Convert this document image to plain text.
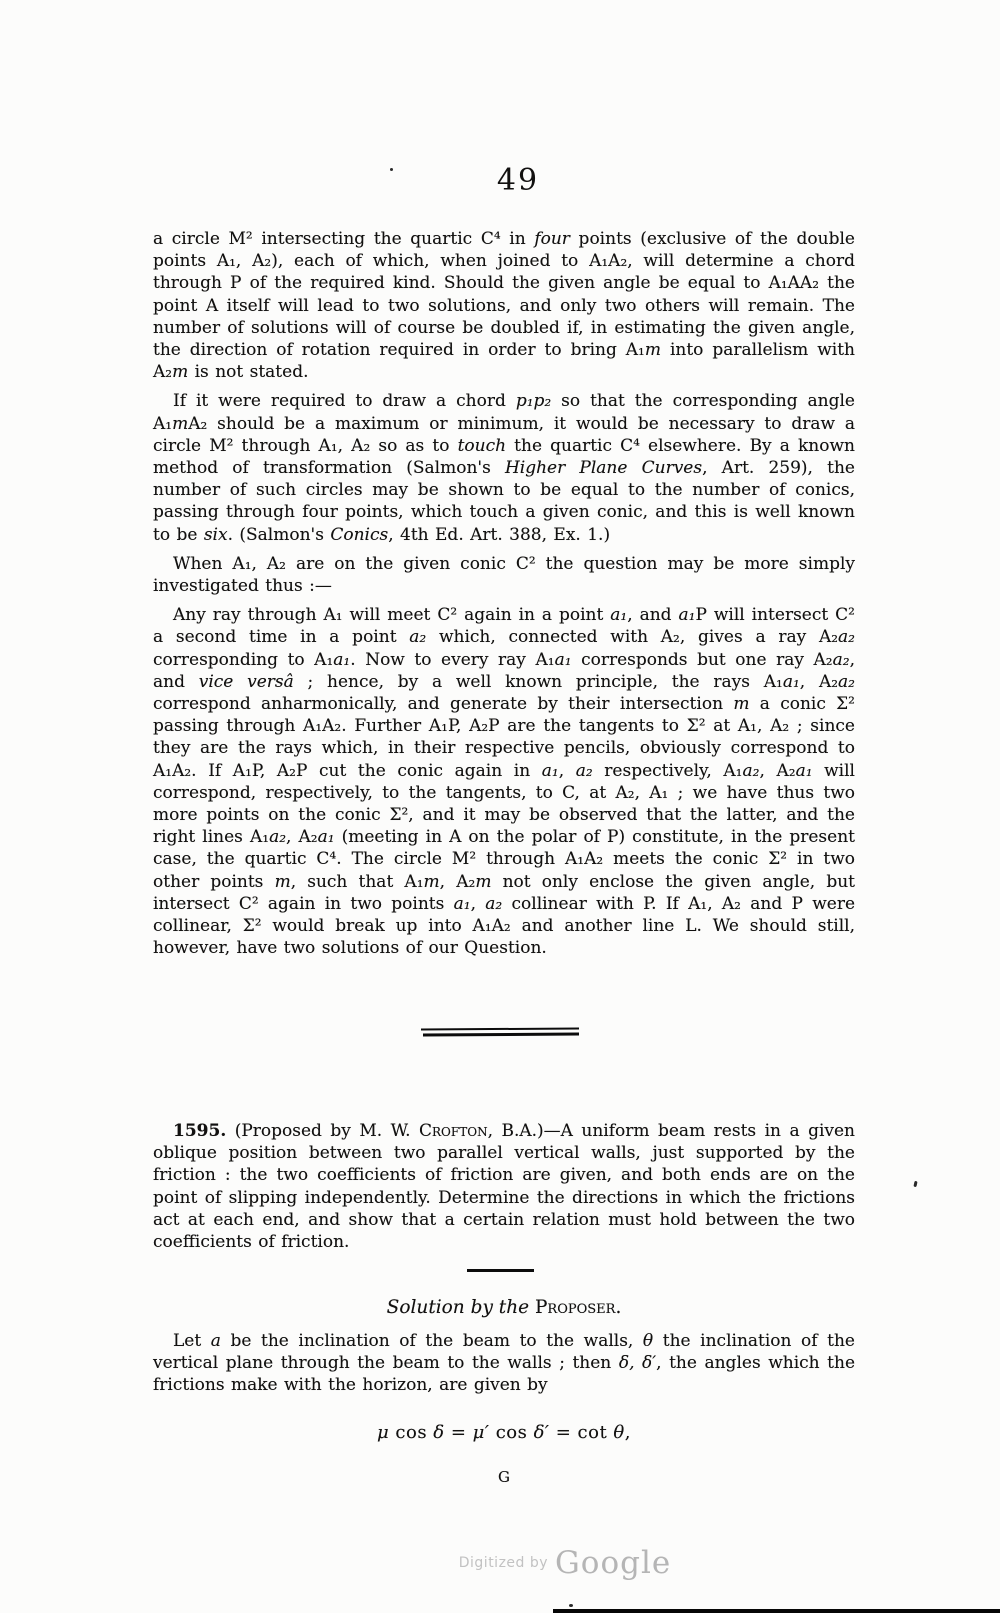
49

a circle M² intersecting the quartic C⁴ in four points (exclusive of the double points A₁, A₂), each of which, when joined to A₁A₂, will determine a chord through P of the required kind. Should the given angle be equal to A₁AA₂ the point A itself will lead to two solutions, and only two others will remain. The number of solutions will of course be doubled if, in estimating the given angle, the direction of rotation required in order to bring A₁m into parallelism with A₂m is not stated.

If it were required to draw a chord p₁p₂ so that the corresponding angle A₁mA₂ should be a maximum or minimum, it would be necessary to draw a circle M² through A₁, A₂ so as to touch the quartic C⁴ elsewhere. By a known method of transformation (Salmon's Higher Plane Curves, Art. 259), the number of such circles may be shown to be equal to the number of conics, passing through four points, which touch a given conic, and this is well known to be six. (Salmon's Conics, 4th Ed. Art. 388, Ex. 1.)

When A₁, A₂ are on the given conic C² the question may be more simply investigated thus :—

Any ray through A₁ will meet C² again in a point a₁, and a₁P will intersect C² a second time in a point a₂ which, connected with A₂, gives a ray A₂a₂ corresponding to A₁a₁. Now to every ray A₁a₁ corresponds but one ray A₂a₂, and vice versâ ; hence, by a well known principle, the rays A₁a₁, A₂a₂ correspond anharmonically, and generate by their intersection m a conic Σ² passing through A₁A₂. Further A₁P, A₂P are the tangents to Σ² at A₁, A₂ ; since they are the rays which, in their respective pencils, obviously correspond to A₁A₂. If A₁P, A₂P cut the conic again in a₁, a₂ respectively, A₁a₂, A₂a₁ will correspond, respectively, to the tangents, to C, at A₂, A₁ ; we have thus two more points on the conic Σ², and it may be observed that the latter, and the right lines A₁a₂, A₂a₁ (meeting in A on the polar of P) constitute, in the present case, the quartic C⁴. The circle M² through A₁A₂ meets the conic Σ² in two other points m, such that A₁m, A₂m not only enclose the given angle, but intersect C² again in two points a₁, a₂ collinear with P. If A₁, A₂ and P were collinear, Σ² would break up into A₁A₂ and another line L. We should still, however, have two solutions of our Question.

1595. (Proposed by M. W. Crofton, B.A.)—A uniform beam rests in a given oblique position between two parallel vertical walls, just supported by the friction : the two coefficients of friction are given, and both ends are on the point of slipping independently. Determine the directions in which the frictions act at each end, and show that a certain relation must hold between the two coefficients of friction.

Solution by the Proposer.

Let a be the inclination of the beam to the walls, θ the inclination of the vertical plane through the beam to the walls ; then δ, δ′, the angles which the frictions make with the horizon, are given by

μ cos δ = μ′ cos δ′ = cot θ,
G
Digitized by Google
